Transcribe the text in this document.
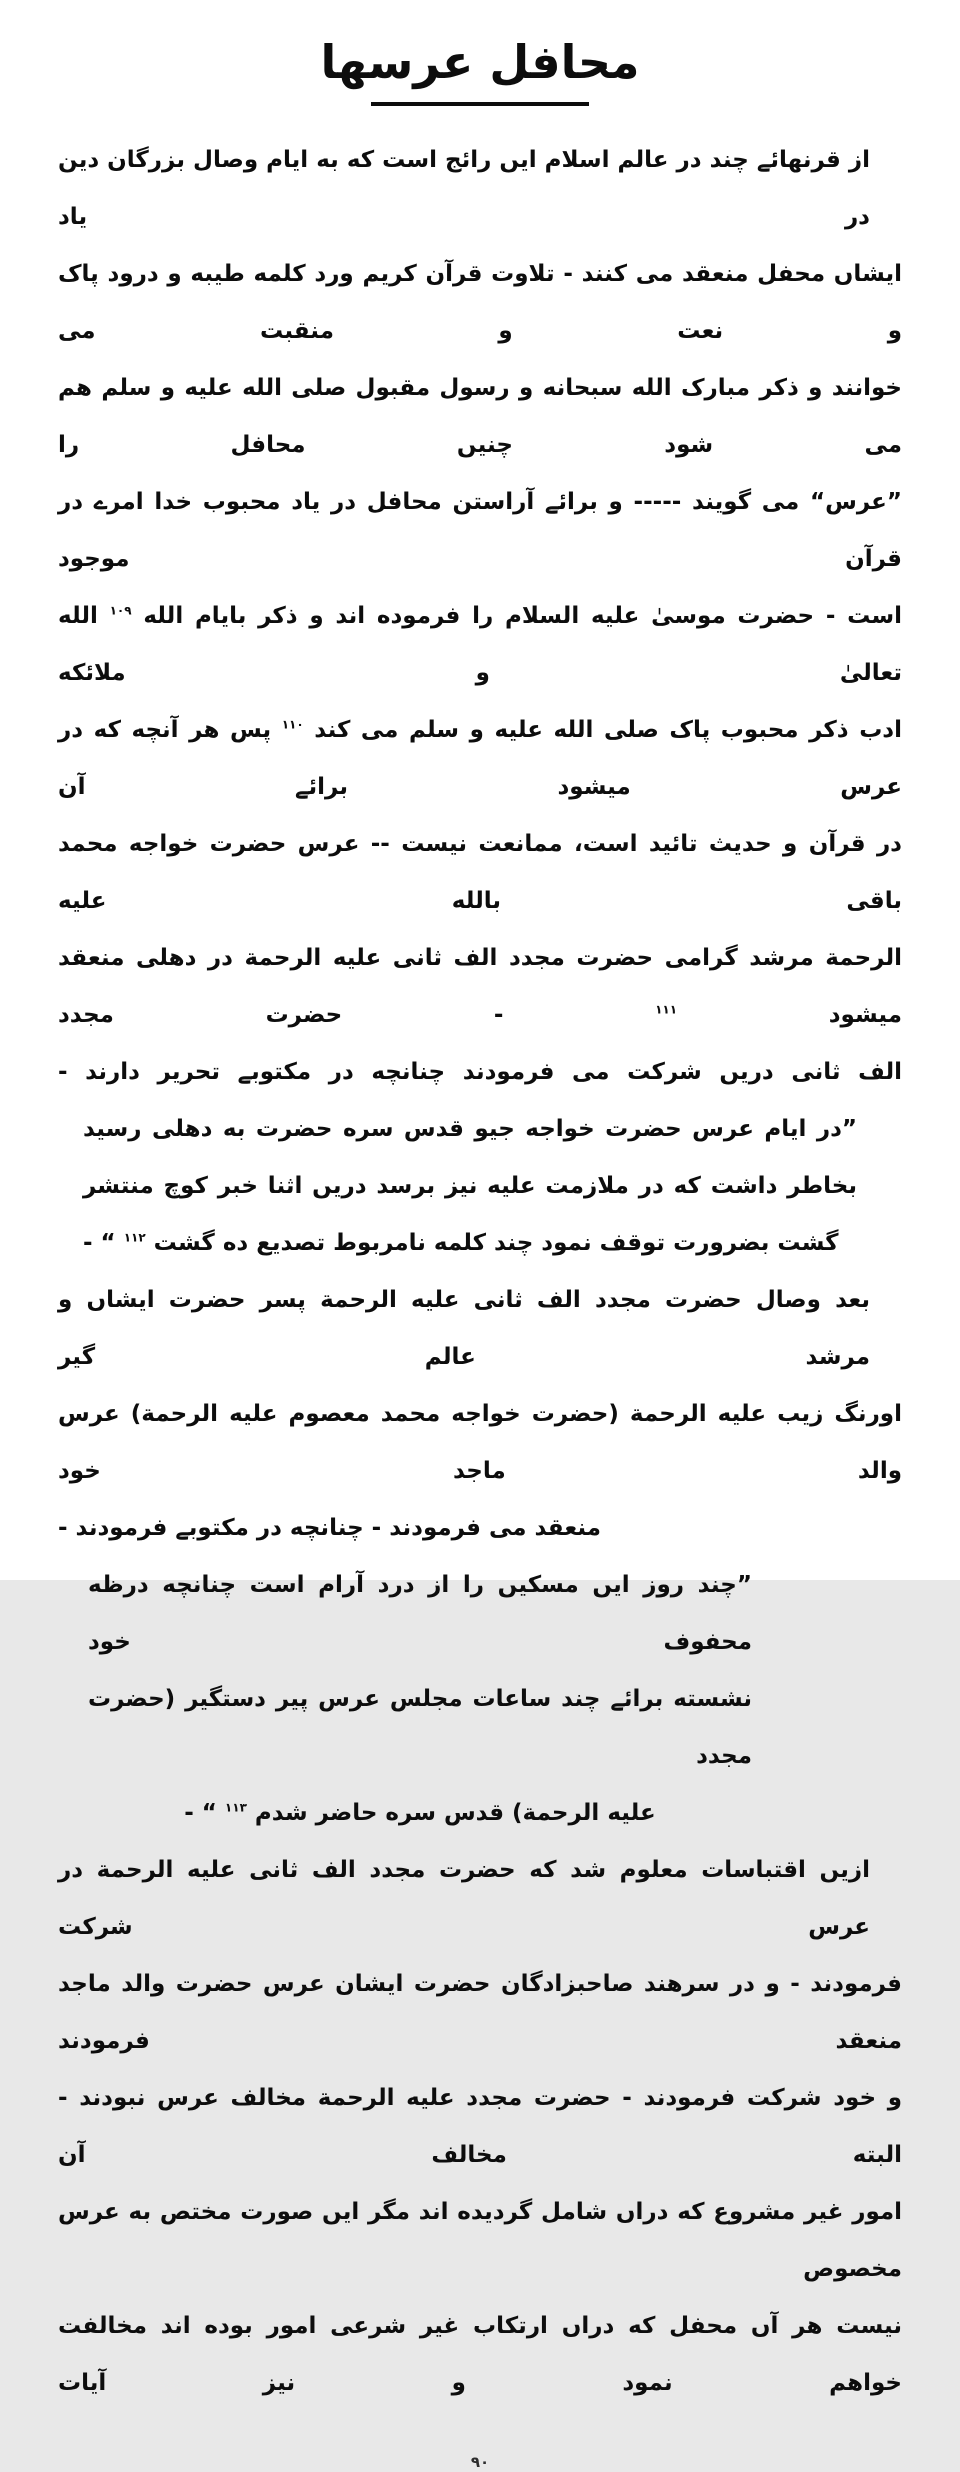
محافل عرسها

از قرنهائے چند در عالم اسلام ایں رائج است که به ایام وصال بزرگان دین در یاد

ایشاں محفل منعقد می کنند - تلاوت قرآن کریم ورد کلمه طیبه و درود پاک و نعت و منقبت می

خوانند و ذکر مبارک الله سبحانه و رسول مقبول صلی الله علیه و سلم هم می شود چنیں محافل را

”عرس“ می گویند ----- و برائے آراستن محافل در یاد محبوب خدا امرے در قرآن موجود

است - حضرت موسیٰ علیه السلام را فرموده اند و ذکر بایام الله $^{۱۰۹}$ الله تعالیٰ و ملائکه

ادب ذکر محبوب پاک صلی الله علیه و سلم می کند $^{۱۱۰}$ پس هر آنچه که در عرس میشود برائے آن

در قرآن و حدیث تائید است، ممانعت نیست -- عرس حضرت خواجه محمد باقی بالله علیه

الرحمة مرشد گرامی حضرت مجدد الف ثانی علیه الرحمة در دهلی منعقد میشود $^{۱۱۱}$ - حضرت مجدد

الف ثانی دریں شرکت می فرمودند چنانچه در مکتوبے تحریر دارند -

”در ایام عرس حضرت خواجه جیو قدس سره حضرت به دهلی رسید

بخاطر داشت که در ملازمت علیه نیز برسد دریں اثنا خبر کوچ منتشر

گشت بضرورت توقف نمود چند کلمه نامربوط تصدیع ده گشت $^{۱۱۲}$ “ -

بعد وصال حضرت مجدد الف ثانی علیه الرحمة پسر حضرت ایشاں و مرشد عالم گیر

اورنگ زیب علیه الرحمة (حضرت خواجه محمد معصوم علیه الرحمة) عرس والد ماجد خود

منعقد می فرمودند - چنانچه در مکتوبے فرمودند -

”چند روز ایں مسکیں را از درد آرام است چنانچه درظه محفوف خود

نشسته برائے چند ساعات مجلس عرس پیر دستگیر (حضرت مجدد

علیه الرحمة) قدس سره حاضر شدم $^{۱۱۳}$ “ -

ازیں اقتباسات معلوم شد که حضرت مجدد الف ثانی علیه الرحمة در عرس شرکت

فرمودند - و در سرهند صاحبزادگان حضرت ایشان عرس حضرت والد ماجد منعقد فرمودند

و خود شرکت فرمودند - حضرت مجدد علیه الرحمة مخالف عرس نبودند - البته مخالف آن

امور غیر مشروع که دراں شامل گردیده اند مگر ایں صورت مختص به عرس مخصوص

نیست هر آں محفل که دراں ارتکاب غیر شرعی امور بوده اند مخالفت خواهم نمود و نیز آیات

۹۰
